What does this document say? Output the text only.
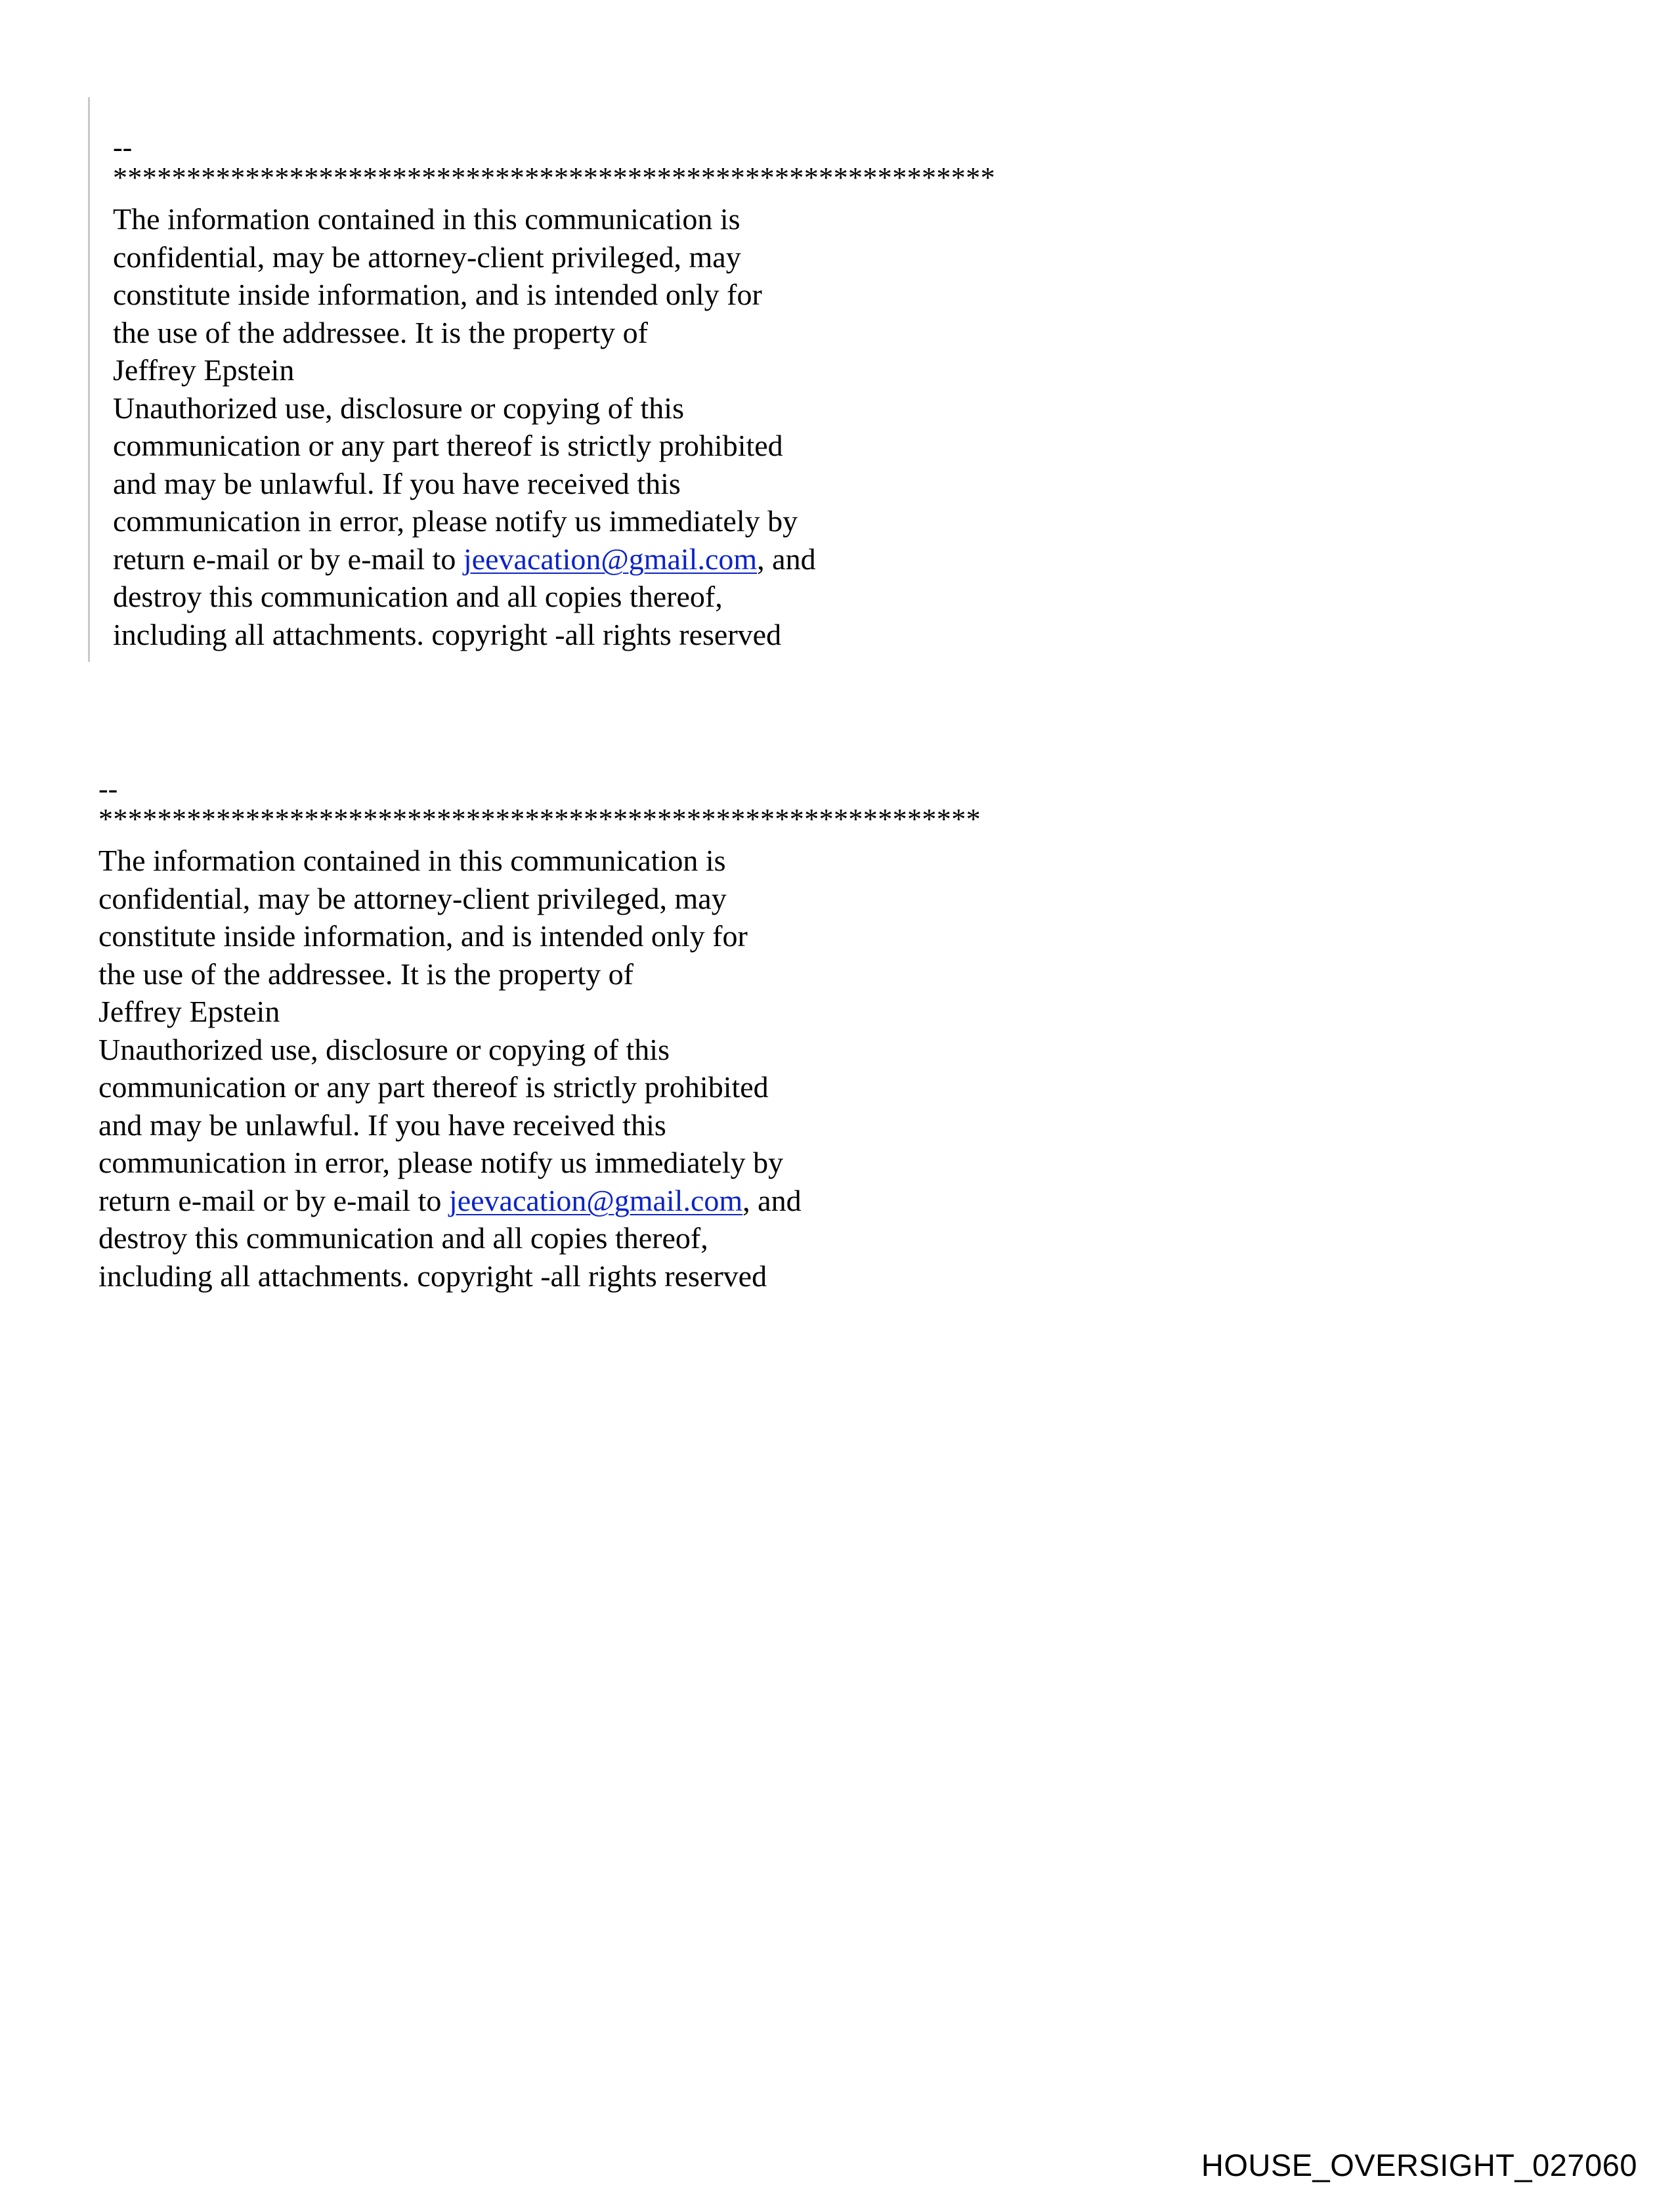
--

************************************************************

The information contained in this communication is

confidential, may be attorney-client privileged, may

constitute inside information, and is intended only for

the use of the addressee. It is the property of

Jeffrey Epstein

Unauthorized use, disclosure or copying of this

communication or any part thereof is strictly prohibited

and may be unlawful. If you have received this

communication in error, please notify us immediately by

return e-mail or by e-mail to jeevacation@gmail.com, and

destroy this communication and all copies thereof,

including all attachments. copyright -all rights reserved

--

************************************************************

The information contained in this communication is

confidential, may be attorney-client privileged, may

constitute inside information, and is intended only for

the use of the addressee. It is the property of

Jeffrey Epstein

Unauthorized use, disclosure or copying of this

communication or any part thereof is strictly prohibited

and may be unlawful. If you have received this

communication in error, please notify us immediately by

return e-mail or by e-mail to jeevacation@gmail.com, and

destroy this communication and all copies thereof,

including all attachments. copyright -all rights reserved

HOUSE_OVERSIGHT_027060
